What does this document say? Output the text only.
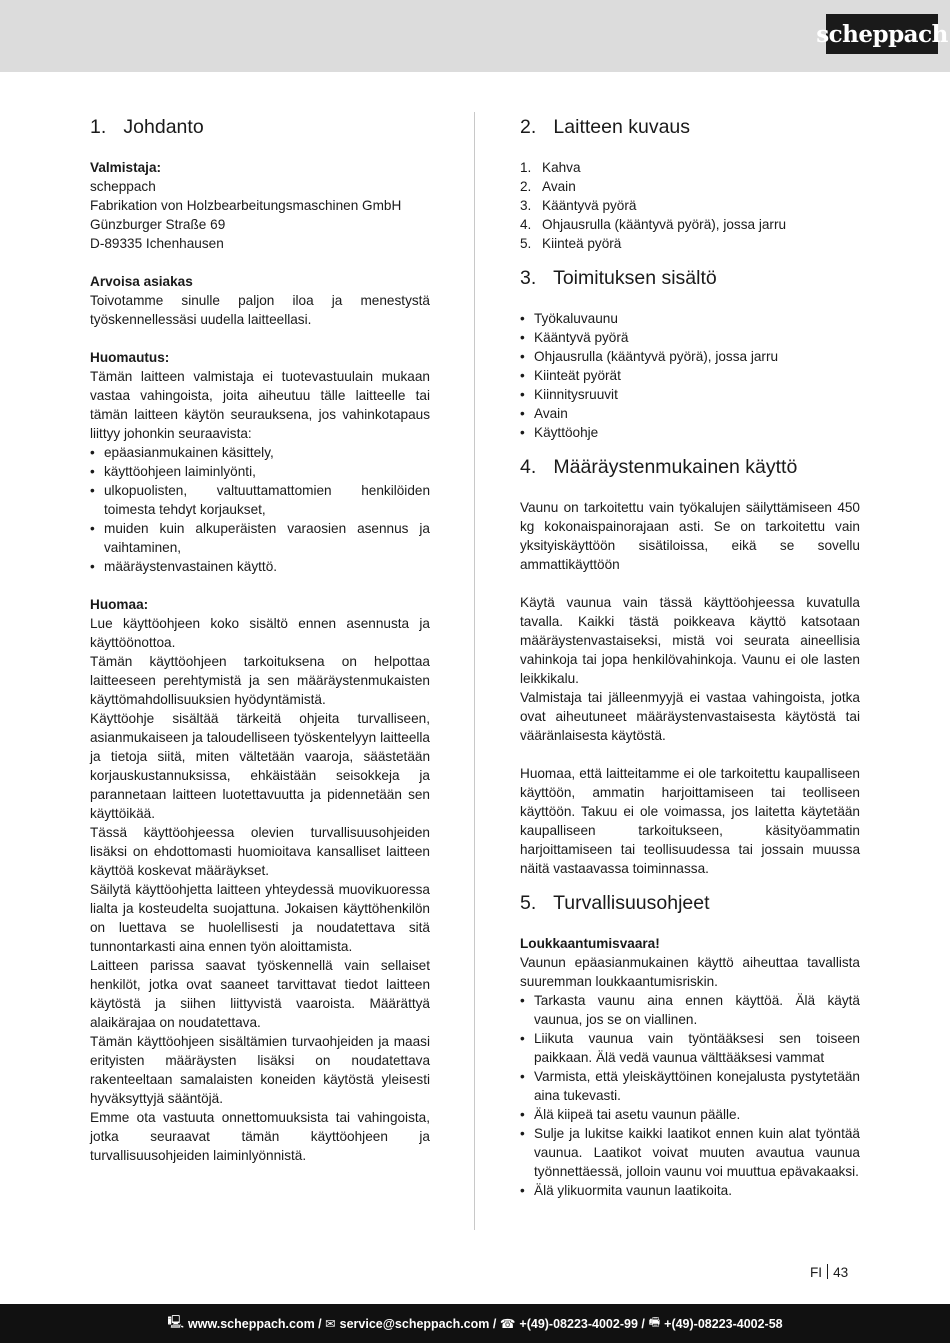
scheppach
1. Johdanto

Valmistaja:

scheppach

Fabrikation von Holzbearbeitungsmaschinen GmbH

Günzburger Straße 69

D-89335 Ichenhausen

Arvoisa asiakas

Toivotamme sinulle paljon iloa ja menestystä työskennellessäsi uudella laitteellasi.

Huomautus:

Tämän laitteen valmistaja ei tuotevastuulain mukaan vastaa vahingoista, joita aiheutuu tälle laitteelle tai tämän laitteen käytön seurauksena, jos vahinkotapaus liittyy johonkin seuraavista:

• epäasianmukainen käsittely,
• käyttöohjeen laiminlyönti,
• ulkopuolisten, valtuuttamattomien henkilöiden toimesta tehdyt korjaukset,
• muiden kuin alkuperäisten varaosien asennus ja vaihtaminen,
• määräystenvastainen käyttö.

Huomaa:

Lue käyttöohjeen koko sisältö ennen asennusta ja käyttöönottoa.

Tämän käyttöohjeen tarkoituksena on helpottaa laitteeseen perehtymistä ja sen määräystenmukaisten käyttömahdollisuuksien hyödyntämistä.

Käyttöohje sisältää tärkeitä ohjeita turvalliseen, asianmukaiseen ja taloudelliseen työskentelyyn laitteella ja tietoja siitä, miten vältetään vaaroja, säästetään korjauskustannuksissa, ehkäistään seisokkeja ja parannetaan laitteen luotettavuutta ja pidennetään sen käyttöikää.

Tässä käyttöohjeessa olevien turvallisuusohjeiden lisäksi on ehdottomasti huomioitava kansalliset laitteen käyttöä koskevat määräykset.

Säilytä käyttöohjetta laitteen yhteydessä muovikuoressa lialta ja kosteudelta suojattuna. Jokaisen käyttöhenkilön on luettava se huolellisesti ja noudatettava sitä tunnontarkasti aina ennen työn aloittamista.

Laitteen parissa saavat työskennellä vain sellaiset henkilöt, jotka ovat saaneet tarvittavat tiedot laitteen käytöstä ja siihen liittyvistä vaaroista. Määrättyä alaikärajaa on noudatettava.

Tämän käyttöohjeen sisältämien turvaohjeiden ja maasi erityisten määräysten lisäksi on noudatettava rakenteeltaan samalaisten koneiden käytöstä yleisesti hyväksyttyjä sääntöjä.

Emme ota vastuuta onnettomuuksista tai vahingoista, jotka seuraavat tämän käyttöohjeen ja turvallisuusohjeiden laiminlyönnistä.

2. Laitteen kuvaus
1. Kahva
2. Avain
3. Kääntyvä pyörä
4. Ohjausrulla (kääntyvä pyörä), jossa jarru
5. Kiinteä pyörä
3. Toimituksen sisältö
• Työkaluvaunu
• Kääntyvä pyörä
• Ohjausrulla (kääntyvä pyörä), jossa jarru
• Kiinteät pyörät
• Kiinnitysruuvit
• Avain
• Käyttöohje
4. Määräystenmukainen käyttö

Vaunu on tarkoitettu vain työkalujen säilyttämiseen 450 kg kokonaispainorajaan asti. Se on tarkoitettu vain yksityiskäyttöön sisätiloissa, eikä se sovellu ammattikäyttöön

Käytä vaunua vain tässä käyttöohjeessa kuvatulla tavalla. Kaikki tästä poikkeava käyttö katsotaan määräystenvastaiseksi, mistä voi seurata aineellisia vahinkoja tai jopa henkilövahinkoja. Vaunu ei ole lasten leikkikalu.

Valmistaja tai jälleenmyyjä ei vastaa vahingoista, jotka ovat aiheutuneet määräystenvastaisesta käytöstä tai vääränlaisesta käytöstä.

Huomaa, että laitteitamme ei ole tarkoitettu kaupalliseen käyttöön, ammatin harjoittamiseen tai teolliseen käyttöön. Takuu ei ole voimassa, jos laitetta käytetään kaupalliseen tarkoitukseen, käsityöammatin harjoittamiseen tai teollisuudessa tai jossain muussa näitä vastaavassa toiminnassa.

5. Turvallisuusohjeet

Loukkaantumisvaara!

Vaunun epäasianmukainen käyttö aiheuttaa tavallista suuremman loukkaantumisriskin.

• Tarkasta vaunu aina ennen käyttöä. Älä käytä vaunua, jos se on viallinen.
• Liikuta vaunua vain työntääksesi sen toiseen paikkaan. Älä vedä vaunua välttääksesi vammat
• Varmista, että yleiskäyttöinen konejalusta pystytetään aina tukevasti.
• Älä kiipeä tai asetu vaunun päälle.
• Sulje ja lukitse kaikki laatikot ennen kuin alat työntää vaunua. Laatikot voivat muuten avautua vaunua työnnettäessä, jolloin vaunu voi muuttua epävakaaksi.
• Älä ylikuormita vaunun laatikoita.
FI 43
🖳 www.scheppach.com /
✉ service@scheppach.com /
☎ +(49)-08223-4002-99 /
🖷 +(49)-08223-4002-58
